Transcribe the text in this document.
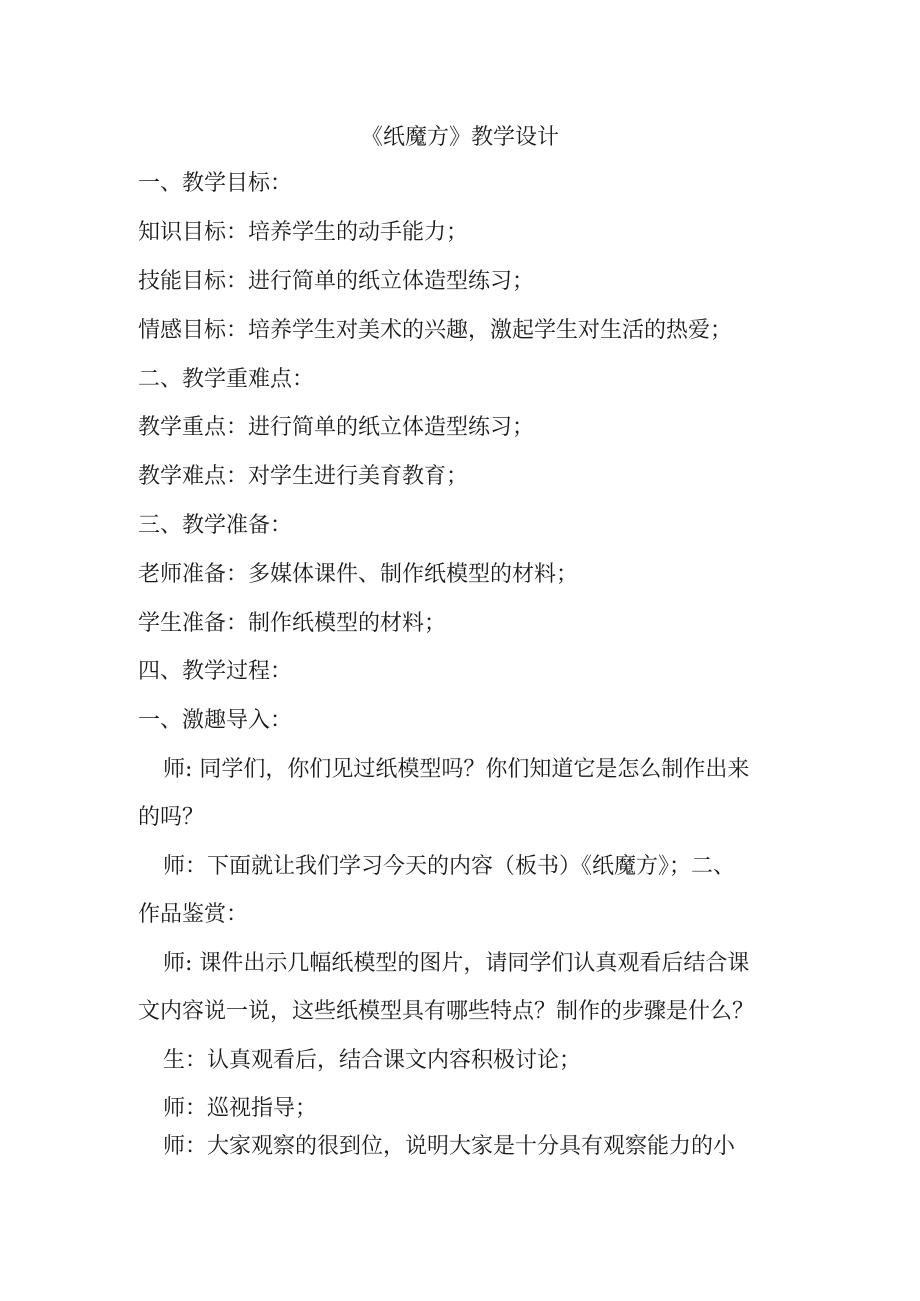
《纸魔方》教学设计
一、教学目标：
知识目标：培养学生的动手能力；
技能目标：进行简单的纸立体造型练习；
情感目标：培养学生对美术的兴趣，激起学生对生活的热爱；
二、教学重难点：
教学重点：进行简单的纸立体造型练习；
教学难点：对学生进行美育教育；
三、教学准备：
老师准备：多媒体课件、制作纸模型的材料；
学生准备：制作纸模型的材料；
四、教学过程：
一、激趣导入：
师: 同学们，你们见过纸模型吗？你们知道它是怎么制作出来
的吗？
师：下面就让我们学习今天的内容（板书）《纸魔方》；二、
作品鉴赏：
师: 课件出示几幅纸模型的图片，请同学们认真观看后结合课
文内容说一说，这些纸模型具有哪些特点？制作的步骤是什么？
生：认真观看后，结合课文内容积极讨论；
师：巡视指导；
师：大家观察的很到位，说明大家是十分具有观察能力的小
